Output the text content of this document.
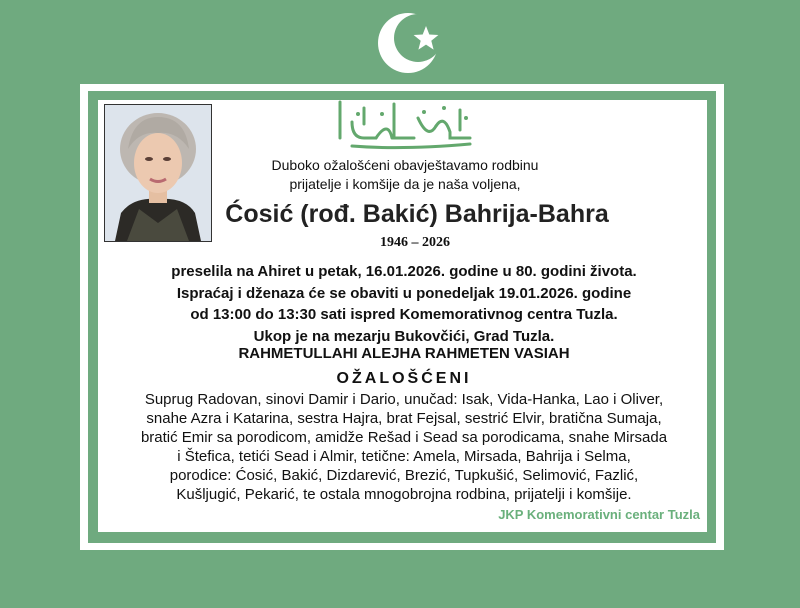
Duboko ožalošćeni obavještavamo rodbinu
prijatelje i komšije da je naša voljena,
Ćosić (rođ. Bakić) Bahrija-Bahra
1946 – 2026
preselila na Ahiret u petak, 16.01.2026. godine u 80. godini života.
Ispraćaj i dženaza će se obaviti u ponedeljak 19.01.2026. godine
od 13:00 do 13:30 sati ispred Komemorativnog centra Tuzla.
Ukop je na mezarju Bukovčići, Grad Tuzla.
RAHMETULLAHI ALEJHA RAHMETEN VASIAH
OŽALOŠĆENI
Suprug Radovan, sinovi Damir i Dario, unučad: Isak, Vida-Hanka, Lao i Oliver,
snahe Azra i Katarina, sestra Hajra, brat Fejsal, sestrić Elvir, bratična Sumaja,
bratić Emir sa porodicom, amidže Rešad i Sead sa porodicama, snahe Mirsada
i Štefica, tetići Sead i Almir, tetične: Amela, Mirsada, Bahrija i Selma,
porodice: Ćosić, Bakić, Dizdarević, Brezić, Tupkušić, Selimović, Fazlić,
Kušljugić, Pekarić, te ostala mnogobrojna rodbina, prijatelji i komšije.
JKP Komemorativni centar Tuzla
